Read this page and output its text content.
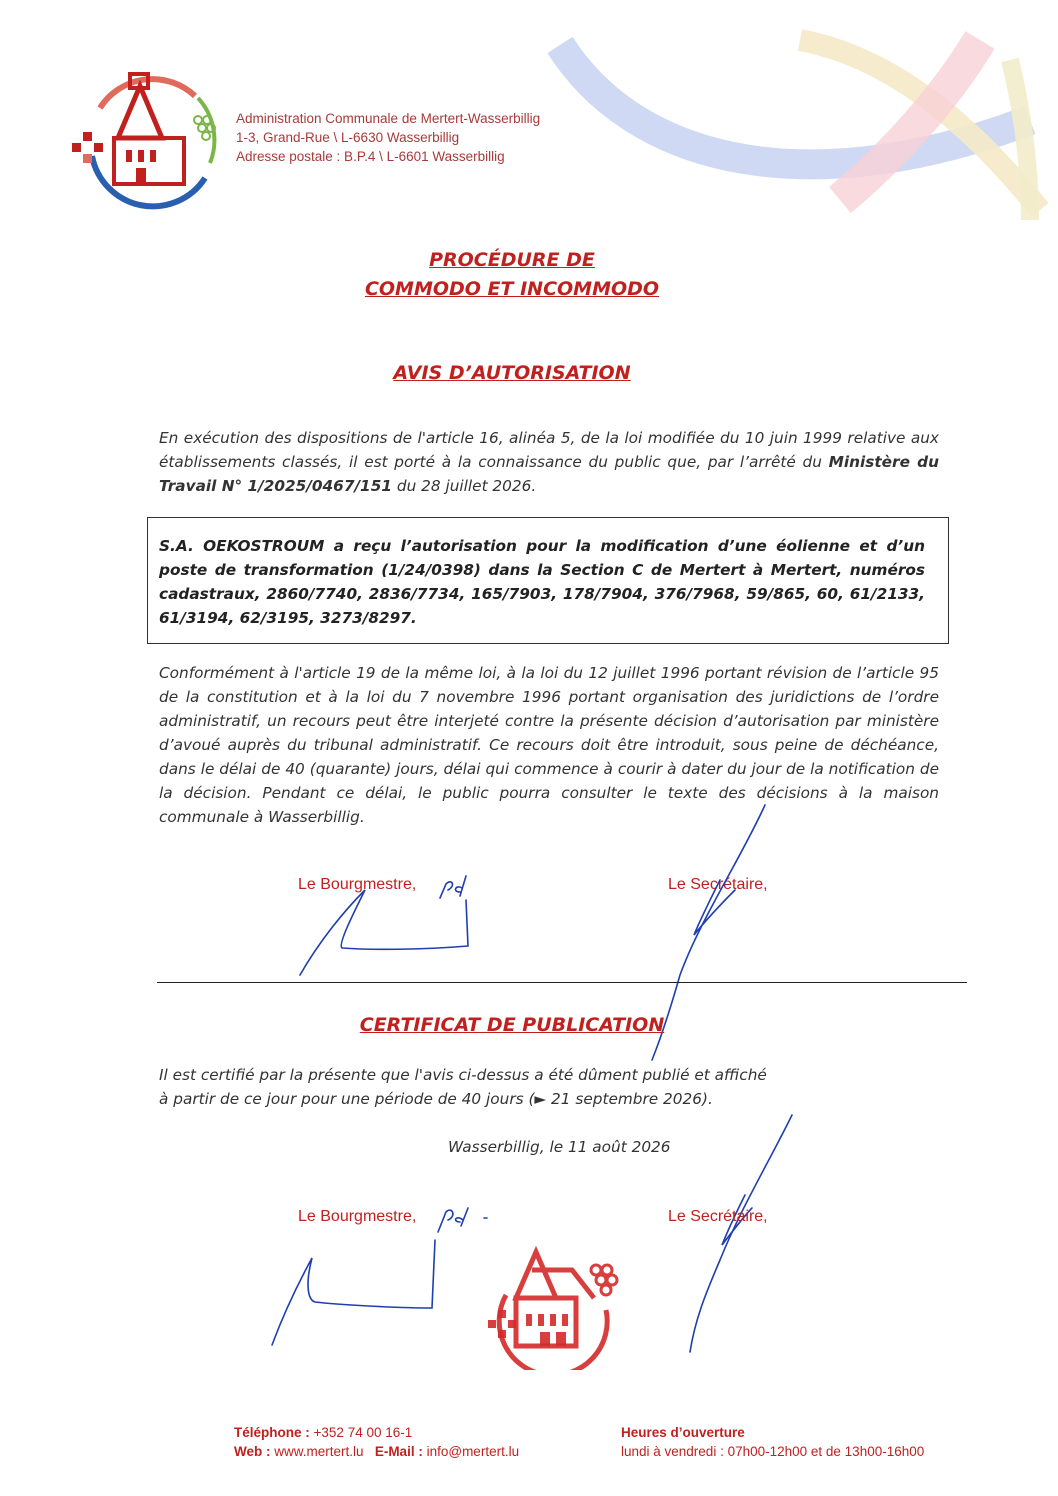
Administration Communale de Mertert-Wasserbillig
1-3, Grand-Rue \ L-6630 Wasserbillig
Adresse postale : B.P.4 \ L-6601 Wasserbillig
PROCÉDURE DE
COMMODO ET INCOMMODO
AVIS D’AUTORISATION
En exécution des dispositions de l'article 16, alinéa 5, de la loi modifiée du 10 juin 1999 relative aux établissements classés, il est porté à la connaissance du public que, par l’arrêté du Ministère du Travail N° 1/2025/0467/151 du 28 juillet 2026.
S.A. OEKOSTROUM a reçu l’autorisation pour la modification d’une éolienne et d’un poste de transformation (1/24/0398) dans la Section C de Mertert à Mertert, numéros cadastraux, 2860/7740, 2836/7734, 165/7903, 178/7904, 376/7968, 59/865, 60, 61/2133, 61/3194, 62/3195, 3273/8297.
Conformément à l'article 19 de la même loi, à la loi du 12 juillet 1996 portant révision de l’article 95 de la constitution et à la loi du 7 novembre 1996 portant organisation des juridictions de l’ordre administratif, un recours peut être interjeté contre la présente décision d’autorisation par ministère d’avoué auprès du tribunal administratif. Ce recours doit être introduit, sous peine de déchéance, dans le délai de 40 (quarante) jours, délai qui commence à courir à dater du jour de la notification de la décision. Pendant ce délai, le public pourra consulter le texte des décisions à la maison communale à Wasserbillig.
Le Bourgmestre,	Le Secrétaire,
CERTIFICAT DE PUBLICATION
Il est certifié par la présente que l'avis ci-dessus a été dûment publié et affiché
à partir de ce jour pour une période de 40 jours (► 21 septembre 2026).
Wasserbillig, le 11 août 2026
Le Bourgmestre,	Le Secrétaire,
Téléphone : +352 74 00 16-1
Web : www.mertert.lu E-Mail : info@mertert.lu
Heures d’ouverture
lundi à vendredi : 07h00-12h00 et de 13h00-16h00
